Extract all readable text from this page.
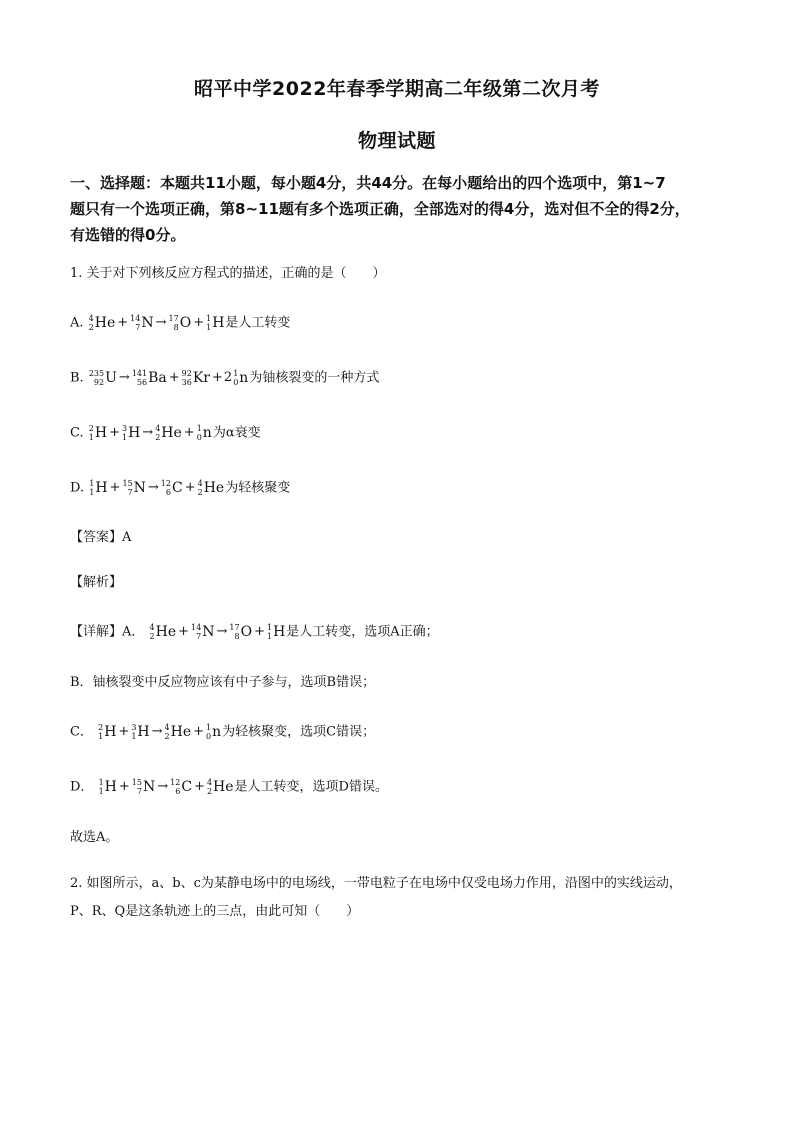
昭平中学2022年春季学期高二年级第二次月考
物理试题
一、选择题：本题共11小题，每小题4分，共44分。在每小题给出的四个选项中，第1~7
题只有一个选项正确，第8~11题有多个选项正确，全部选对的得4分，选对但不全的得2分，
有选错的得0分。
1. 关于对下列核反应方程式的描述，正确的是（　　）
A. 4
2 He + 14
7 N → 17
8 O + 1
1 H是人工转变
B. 235
92 U → 141
56 Ba + 92
36 Kr +2 1
0 n为铀核裂变的一种方式
C. 2
1 H + 3
1 H → 4
2 He + 1
0 n为α衰变
D. 1
1 H + 15
7 N → 12
6 C + 4
2 He为轻核聚变
【答案】A
【解析】
【详解】A． 4
2 He + 14
7 N → 17
8 O + 1
1 H是人工转变，选项A正确；
B．铀核裂变中反应物应该有中子参与，选项B错误；
C． 2
1 H + 3
1 H → 4
2 He + 1
0 n为轻核聚变，选项C错误；
D． 1
1 H + 15
7 N → 12
6 C + 4
2 He是人工转变，选项D错误。
故选A。
2. 如图所示，a、b、c为某静电场中的电场线，一带电粒子在电场中仅受电场力作用，沿图中的实线运动，
P、R、Q是这条轨迹上的三点，由此可知（　　）
